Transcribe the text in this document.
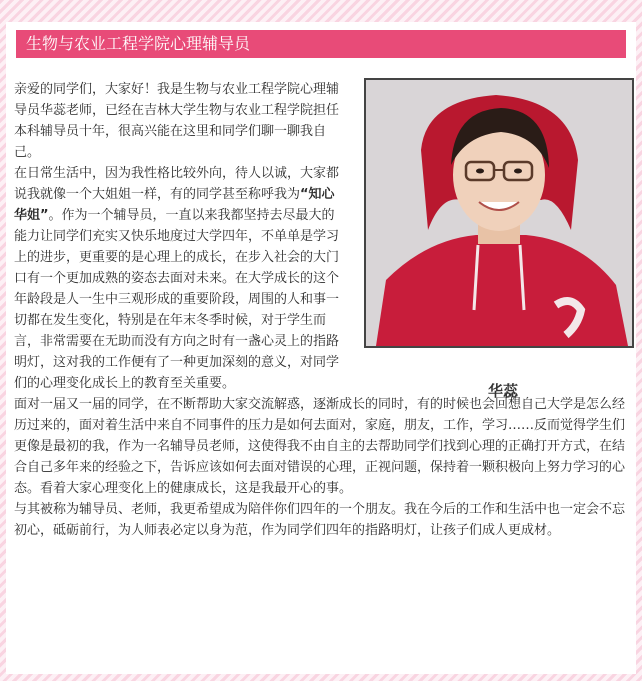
生物与农业工程学院心理辅导员
华蕊

亲爱的同学们，大家好！我是生物与农业工程学院心理辅导员华蕊老师，已经在吉林大学生物与农业工程学院担任本科辅导员十年，很高兴能在这里和同学们聊一聊我自己。

在日常生活中，因为我性格比较外向，待人以诚，大家都说我就像一个大姐姐一样，有的同学甚至称呼我为“知心华姐”。作为一个辅导员，一直以来我都坚持去尽最大的能力让同学们充实又快乐地度过大学四年，不单单是学习上的进步，更重要的是心理上的成长，在步入社会的大门口有一个更加成熟的姿态去面对未来。在大学成长的这个年龄段是人一生中三观形成的重要阶段，周围的人和事一切都在发生变化，特别是在年末冬季时候，对于学生而言，非常需要在无助而没有方向之时有一盏心灵上的指路明灯，这对我的工作便有了一种更加深刻的意义，对同学们的心理变化成长上的教育至关重要。

面对一届又一届的同学，在不断帮助大家交流解惑，逐渐成长的同时，有的时候也会回想自己大学是怎么经历过来的，面对着生活中来自不同事件的压力是如何去面对，家庭，朋友，工作，学习……反而觉得学生们更像是最初的我，作为一名辅导员老师，这使得我不由自主的去帮助同学们找到心理的正确打开方式，在结合自己多年来的经验之下，告诉应该如何去面对错误的心理，正视问题，保持着一颗积极向上努力学习的心态。看着大家心理变化上的健康成长，这是我最开心的事。

与其被称为辅导员、老师，我更希望成为陪伴你们四年的一个朋友。我在今后的工作和生活中也一定会不忘初心，砥砺前行，为人师表必定以身为范，作为同学们四年的指路明灯，让孩子们成人更成材。
